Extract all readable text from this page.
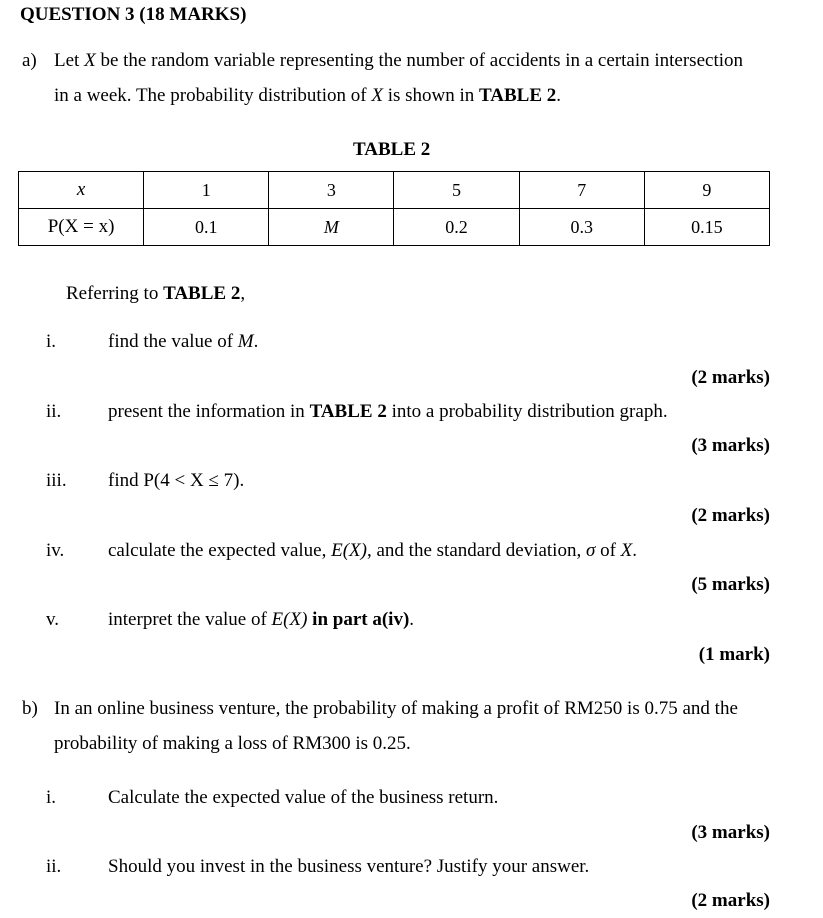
QUESTION 3 (18 MARKS)
a) Let X be the random variable representing the number of accidents in a certain intersection
in a week. The probability distribution of X is shown in TABLE 2.
TABLE 2
x	1	3	5	7	9
P(X = x)	0.1	M	0.2	0.3	0.15
Referring to TABLE 2,
i.	find the value of M.
(2 marks)
ii. present the information in TABLE 2 into a probability distribution graph.
(3 marks)
iii. find P(4 < X ≤ 7).
(2 marks)
iv. calculate the expected value, E(X), and the standard deviation, σ of X.
(5 marks)
v.	interpret the value of E(X) in part a(iv).
(1 mark)
b) In an online business venture, the probability of making a profit of RM250 is 0.75 and the
probability of making a loss of RM300 is 0.25.
i.	Calculate the expected value of the business return.
(3 marks)
ii. Should you invest in the business venture? Justify your answer.
(2 marks)
